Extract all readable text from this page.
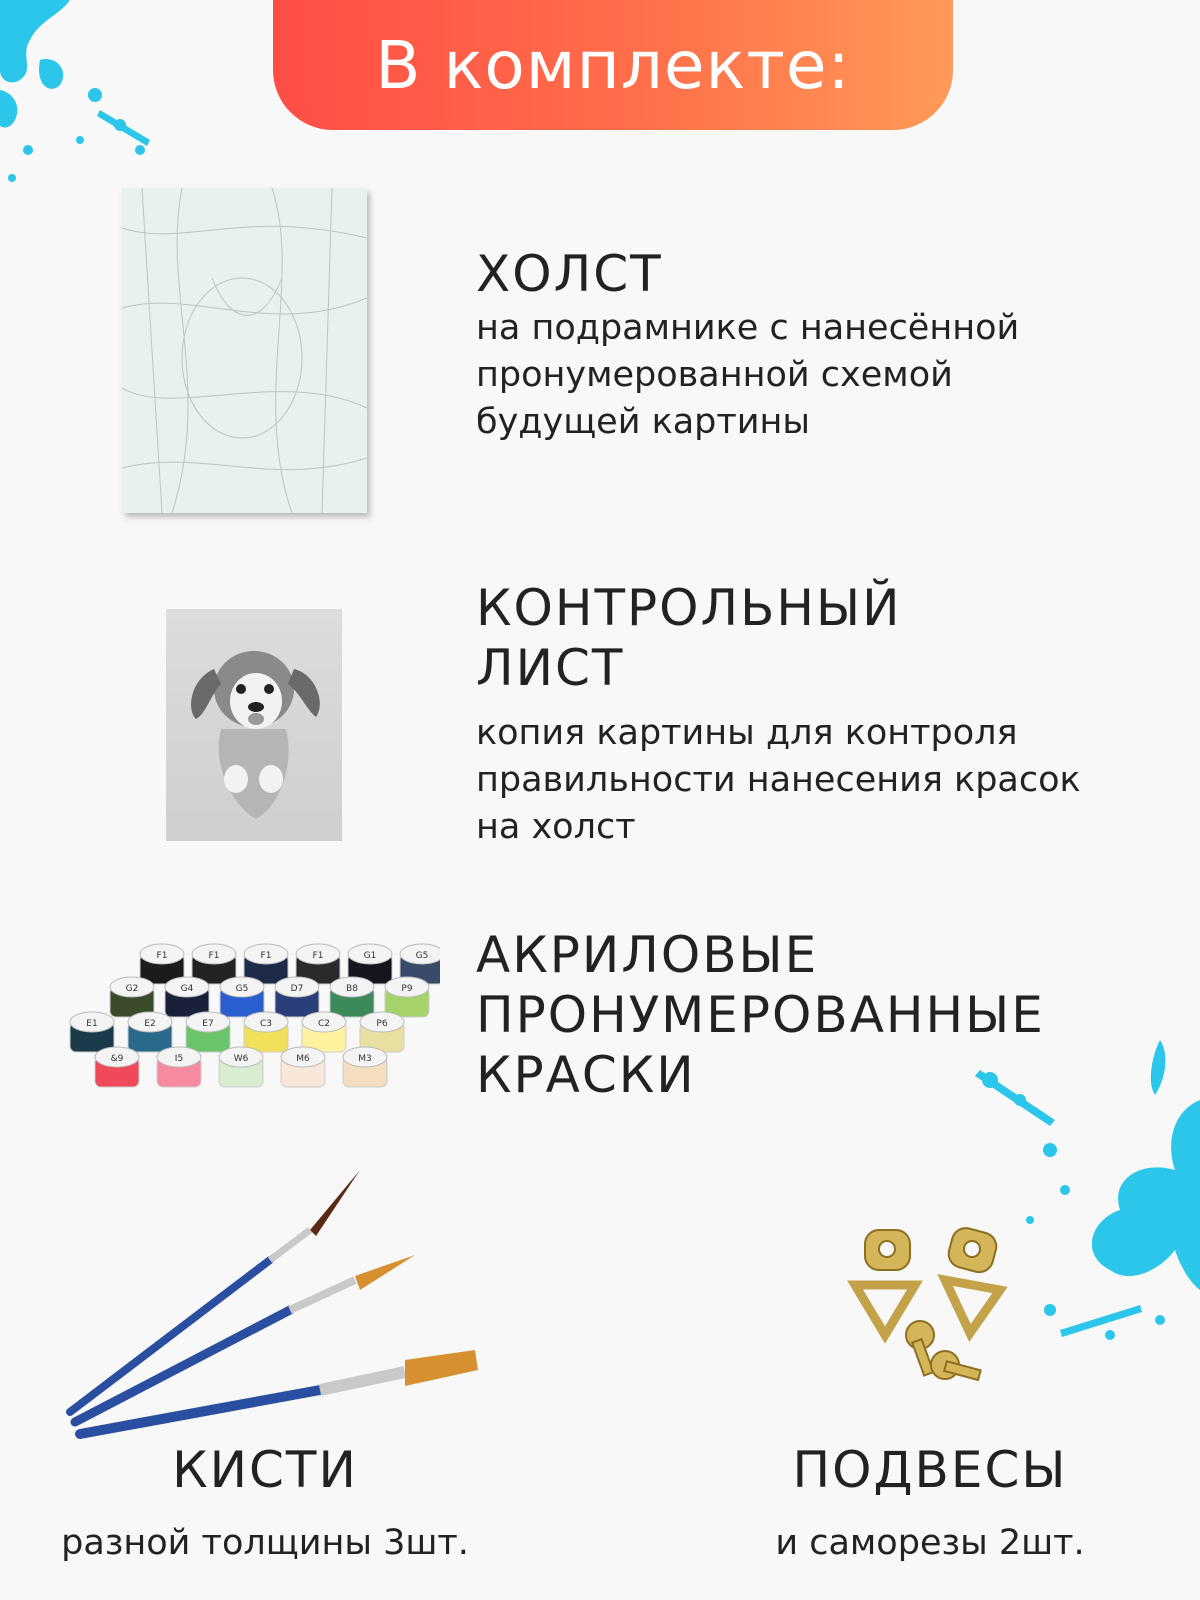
В комплекте:
ХОЛСТ
на подрамнике с нанесённой
пронумерованной схемой
будущей картины
КОНТРОЛЬНЫЙ
ЛИСТ
копия картины для контроля
правильности нанесения красок
на холст
F1	F1	F1	F1	G1	G5
G2	G4	G5	D7	B8	P9
E1	E2	E7	C3	C2	P6
&9	I5	W6	M6	M3
АКРИЛОВЫЕ
ПРОНУМЕРОВАННЫЕ
КРАСКИ
КИСТИ
разной толщины 3шт.
ПОДВЕСЫ
и саморезы 2шт.
